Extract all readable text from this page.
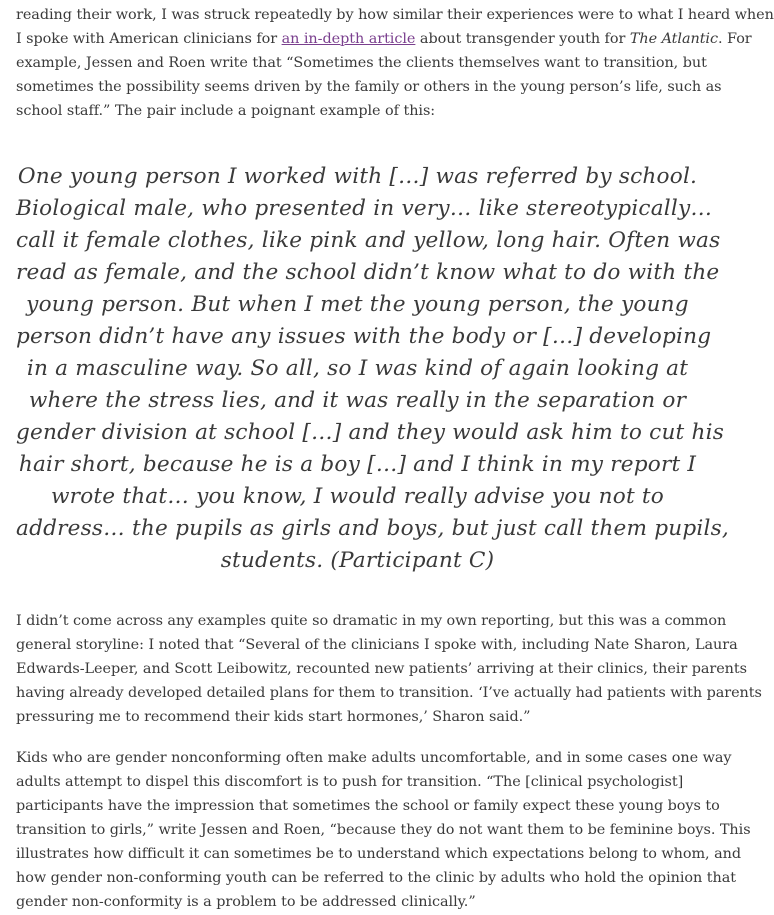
reading their work, I was struck repeatedly by how similar their experiences were to what I heard when
I spoke with American clinicians for an in-depth article about transgender youth for The Atlantic. For
example, Jessen and Roen write that “Sometimes the clients themselves want to transition, but
sometimes the possibility seems driven by the family or others in the young person’s life, such as
school staff.” The pair include a poignant example of this:

One young person I worked with […] was referred by school.
Biological male, who presented in very… like stereotypically…
call it female clothes, like pink and yellow, long hair. Often was
read as female, and the school didn’t know what to do with the
young person. But when I met the young person, the young
person didn’t have any issues with the body or […] developing
in a masculine way. So all, so I was kind of again looking at
where the stress lies, and it was really in the separation or
gender division at school […] and they would ask him to cut his
hair short, because he is a boy […] and I think in my report I
wrote that… you know, I would really advise you not to
address… the pupils as girls and boys, but just call them pupils,
students. (Participant C)

I didn’t come across any examples quite so dramatic in my own reporting, but this was a common
general storyline: I noted that “Several of the clinicians I spoke with, including Nate Sharon, Laura
Edwards-Leeper, and Scott Leibowitz, recounted new patients’ arriving at their clinics, their parents
having already developed detailed plans for them to transition. ‘I’ve actually had patients with parents
pressuring me to recommend their kids start hormones,’ Sharon said.”

Kids who are gender nonconforming often make adults uncomfortable, and in some cases one way
adults attempt to dispel this discomfort is to push for transition. “The [clinical psychologist]
participants have the impression that sometimes the school or family expect these young boys to
transition to girls,” write Jessen and Roen, “because they do not want them to be feminine boys. This
illustrates how difficult it can sometimes be to understand which expectations belong to whom, and
how gender non-conforming youth can be referred to the clinic by adults who hold the opinion that
gender non-conformity is a problem to be addressed clinically.”
